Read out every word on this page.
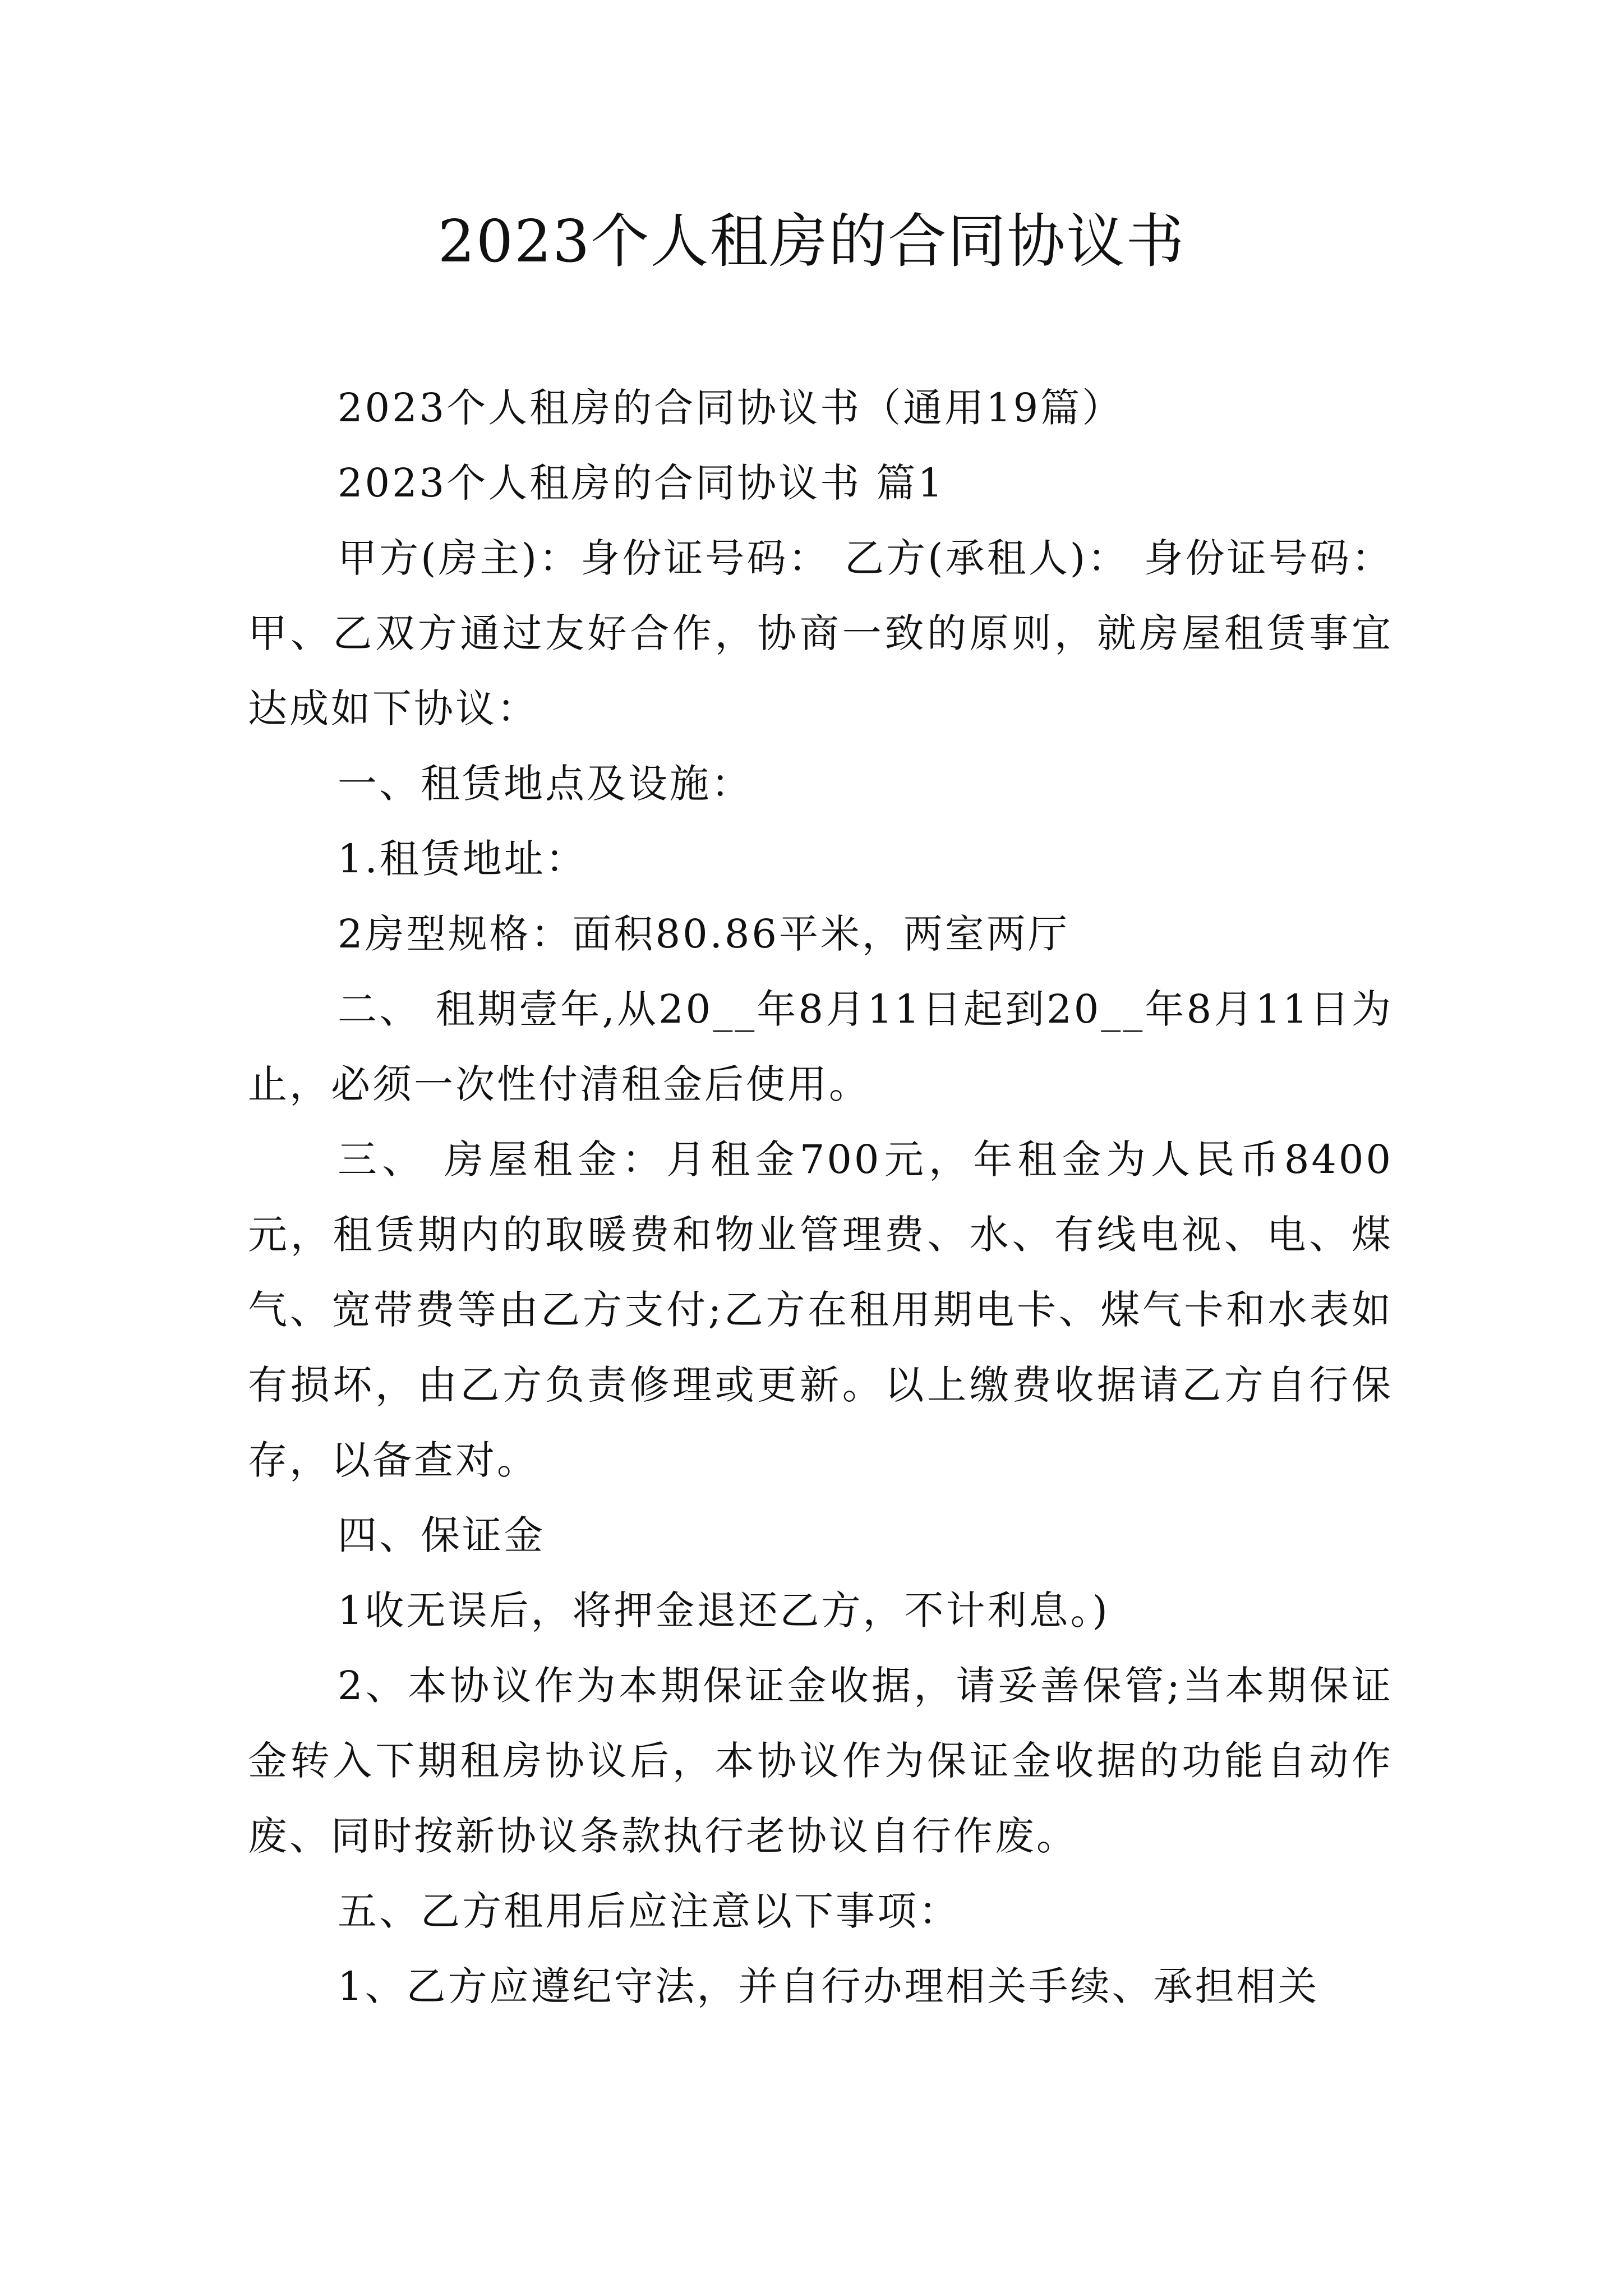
2023个人租房的合同协议书

2023个人租房的合同协议书（通用19篇）

2023个人租房的合同协议书 篇1

甲方(房主)：身份证号码： 乙方(承租人)： 身份证号码： 甲、乙双方通过友好合作，协商一致的原则，就房屋租赁事宜达成如下协议：

一、租赁地点及设施：

1.租赁地址：

2房型规格：面积80.86平米，两室两厅

二、 租期壹年,从20__年8月11日起到20__年8月11日为止，必须一次性付清租金后使用。

三、 房屋租金：月租金700元，年租金为人民币8400元，租赁期内的取暖费和物业管理费、水、有线电视、电、煤气、宽带费等由乙方支付;乙方在租用期电卡、煤气卡和水表如有损坏，由乙方负责修理或更新。以上缴费收据请乙方自行保存，以备查对。

四、保证金

1收无误后，将押金退还乙方，不计利息。)

2、本协议作为本期保证金收据，请妥善保管;当本期保证金转入下期租房协议后，本协议作为保证金收据的功能自动作废、同时按新协议条款执行老协议自行作废。

五、乙方租用后应注意以下事项：

1、乙方应遵纪守法，并自行办理相关手续、承担相关
